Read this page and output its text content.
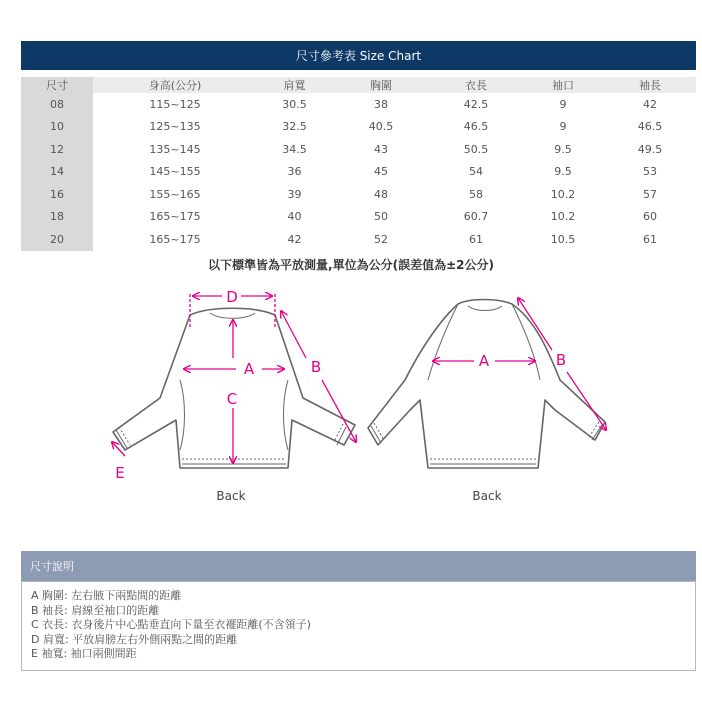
尺寸參考表 Size Chart
尺寸	身高(公分)	肩寬	胸圍	衣長	袖口	袖長
08	115~125	30.5	38	42.5	9	42
10	125~135	32.5	40.5	46.5	9	46.5
12	135~145	34.5	43	50.5	9.5	49.5
14	145~155	36	45	54	9.5	53
16	155~165	39	48	58	10.2	57
18	165~175	40	50	60.7	10.2	60
20	165~175	42	52	61	10.5	61
以下標準皆為平放測量,單位為公分(誤差值為±2公分)
D
A
C
B
E
Back
A	B
Back
尺寸說明
A 胸圍: 左右腋下兩點間的距離
B 袖長: 肩線至袖口的距離
C 衣長: 衣身後片中心點垂直向下量至衣襬距離(不含領子)
D 肩寬: 平放肩膀左右外側兩點之間的距離
E 袖寬: 袖口兩側間距
